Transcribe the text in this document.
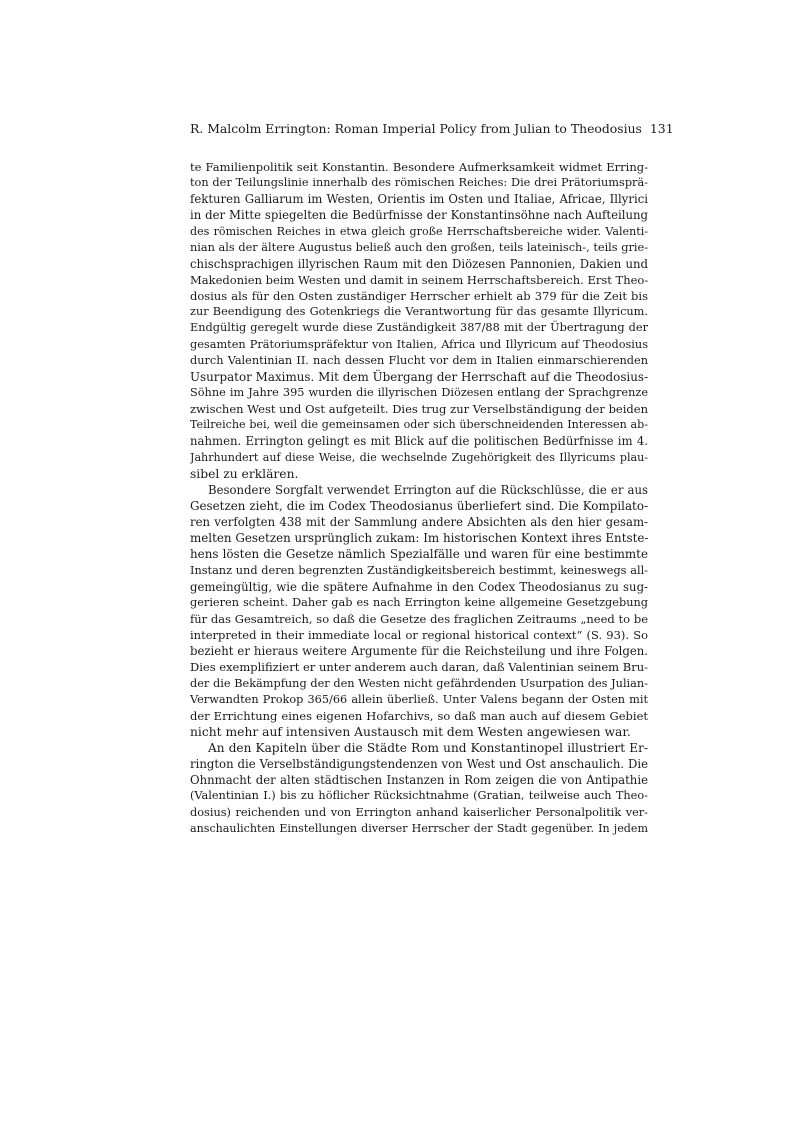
R. Malcolm Errington: Roman Imperial Policy from Julian to Theodosius 131
te Familienpolitik seit Konstantin. Besondere Aufmerksamkeit widmet Erring-
ton der Teilungslinie innerhalb des römischen Reiches: Die drei Prätoriumsprä-
fekturen Galliarum im Westen, Orientis im Osten und Italiae, Africae, Illyrici
in der Mitte spiegelten die Bedürfnisse der Konstantinsöhne nach Aufteilung
des römischen Reiches in etwa gleich große Herrschaftsbereiche wider. Valenti-
nian als der ältere Augustus beließ auch den großen, teils lateinisch-, teils grie-
chischsprachigen illyrischen Raum mit den Diözesen Pannonien, Dakien und
Makedonien beim Westen und damit in seinem Herrschaftsbereich. Erst Theo-
dosius als für den Osten zuständiger Herrscher erhielt ab 379 für die Zeit bis
zur Beendigung des Gotenkriegs die Verantwortung für das gesamte Illyricum.
Endgültig geregelt wurde diese Zuständigkeit 387/88 mit der Übertragung der
gesamten Prätoriumspräfektur von Italien, Africa und Illyricum auf Theodosius
durch Valentinian II. nach dessen Flucht vor dem in Italien einmarschierenden
Usurpator Maximus. Mit dem Übergang der Herrschaft auf die Theodosius-
Söhne im Jahre 395 wurden die illyrischen Diözesen entlang der Sprachgrenze
zwischen West und Ost aufgeteilt. Dies trug zur Verselbständigung der beiden
Teilreiche bei, weil die gemeinsamen oder sich überschneidenden Interessen ab-
nahmen. Errington gelingt es mit Blick auf die politischen Bedürfnisse im 4.
Jahrhundert auf diese Weise, die wechselnde Zugehörigkeit des Illyricums plau-
sibel zu erklären.
Besondere Sorgfalt verwendet Errington auf die Rückschlüsse, die er aus
Gesetzen zieht, die im Codex Theodosianus überliefert sind. Die Kompilato-
ren verfolgten 438 mit der Sammlung andere Absichten als den hier gesam-
melten Gesetzen ursprünglich zukam: Im historischen Kontext ihres Entste-
hens lösten die Gesetze nämlich Spezialfälle und waren für eine bestimmte
Instanz und deren begrenzten Zuständigkeitsbereich bestimmt, keineswegs all-
gemeingültig, wie die spätere Aufnahme in den Codex Theodosianus zu sug-
gerieren scheint. Daher gab es nach Errington keine allgemeine Gesetzgebung
für das Gesamtreich, so daß die Gesetze des fraglichen Zeitraums „need to be
interpreted in their immediate local or regional historical context“ (S. 93). So
bezieht er hieraus weitere Argumente für die Reichsteilung und ihre Folgen.
Dies exemplifiziert er unter anderem auch daran, daß Valentinian seinem Bru-
der die Bekämpfung der den Westen nicht gefährdenden Usurpation des Julian-
Verwandten Prokop 365/66 allein überließ. Unter Valens begann der Osten mit
der Errichtung eines eigenen Hofarchivs, so daß man auch auf diesem Gebiet
nicht mehr auf intensiven Austausch mit dem Westen angewiesen war.
An den Kapiteln über die Städte Rom und Konstantinopel illustriert Er-
rington die Verselbständigungstendenzen von West und Ost anschaulich. Die
Ohnmacht der alten städtischen Instanzen in Rom zeigen die von Antipathie
(Valentinian I.) bis zu höflicher Rücksichtnahme (Gratian, teilweise auch Theo-
dosius) reichenden und von Errington anhand kaiserlicher Personalpolitik ver-
anschaulichten Einstellungen diverser Herrscher der Stadt gegenüber. In jedem
